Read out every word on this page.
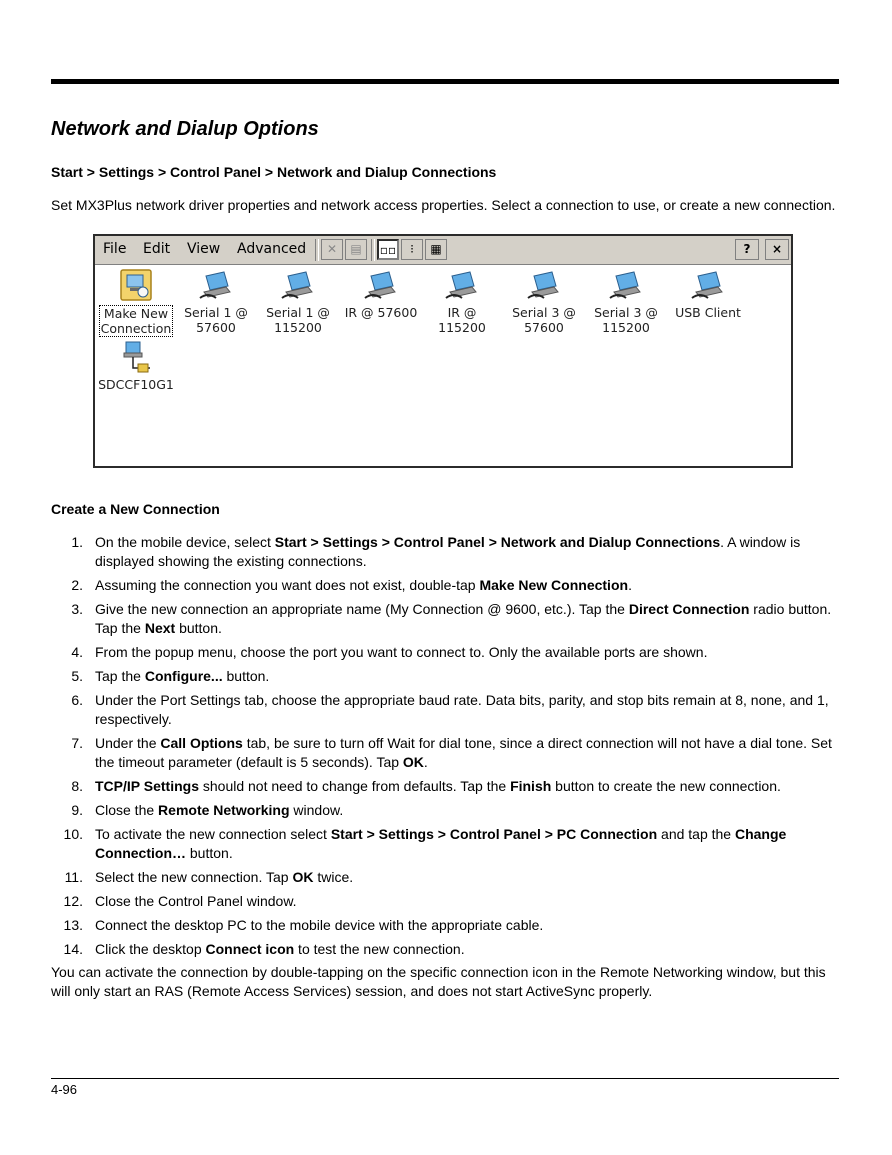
Network and Dialup Options
Start > Settings > Control Panel > Network and Dialup Connections
Set MX3Plus network driver properties and network access properties. Select a connection to use, or create a new connection.
File Edit View Advanced	✕	▤	▫▫	⁝	▦	?	×
Make New
Connection
Serial 1 @
57600
Serial 1 @
115200
IR @ 57600	IR @
115200
Serial 3 @
57600
Serial 3 @
115200
USB Client
SDCCF10G1
Create a New Connection
1. On the mobile device, select Start > Settings > Control Panel > Network and Dialup Connections. A window is displayed showing the existing connections.
2. Assuming the connection you want does not exist, double-tap Make New Connection.
3. Give the new connection an appropriate name (My Connection @ 9600, etc.). Tap the Direct Connection radio button. Tap the Next button.
4. From the popup menu, choose the port you want to connect to. Only the available ports are shown.
5. Tap the Configure... button.
6. Under the Port Settings tab, choose the appropriate baud rate. Data bits, parity, and stop bits remain at 8, none, and 1, respectively.
7. Under the Call Options tab, be sure to turn off Wait for dial tone, since a direct connection will not have a dial tone. Set the timeout parameter (default is 5 seconds). Tap OK.
8. TCP/IP Settings should not need to change from defaults. Tap the Finish button to create the new connection.
9. Close the Remote Networking window.
10. To activate the new connection select Start > Settings > Control Panel > PC Connection and tap the Change Connection… button.
11. Select the new connection. Tap OK twice.
12. Close the Control Panel window.
13. Connect the desktop PC to the mobile device with the appropriate cable.
14. Click the desktop Connect icon to test the new connection.

You can activate the connection by double-tapping on the specific connection icon in the Remote Networking window, but this will only start an RAS (Remote Access Services) session, and does not start ActiveSync properly.

4-96
